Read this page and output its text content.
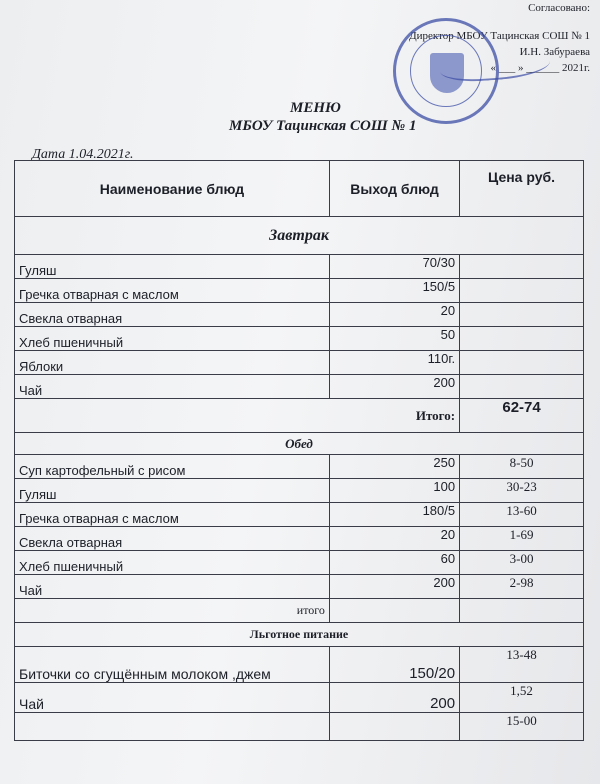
Согласовано:
Директор МБОУ Тацинская СОШ № 1
И.Н. Забураева
« ___ » ______ 2021г.
МЕНЮ
МБОУ Тацинская СОШ № 1
Дата 1.04.2021г.
Наименование блюд	Выход блюд	Цена руб.
Завтрак		
Гуляш	70/30	
Гречка отварная с маслом	150/5	
Свекла отварная	20	
Хлеб пшеничный	50	
Яблоки	110г.	
Чай	200	
Итого:		62-74
Обед		
Суп картофельный с рисом	250	8-50
Гуляш	100	30-23
Гречка отварная с маслом	180/5	13-60
Свекла отварная	20	1-69
Хлеб пшеничный	60	3-00
Чай	200	2-98
итого		
Льготное питание		
Биточки со сгущённым молоком ,джем	150/20	13-48
Чай	200	1,52
		15-00
